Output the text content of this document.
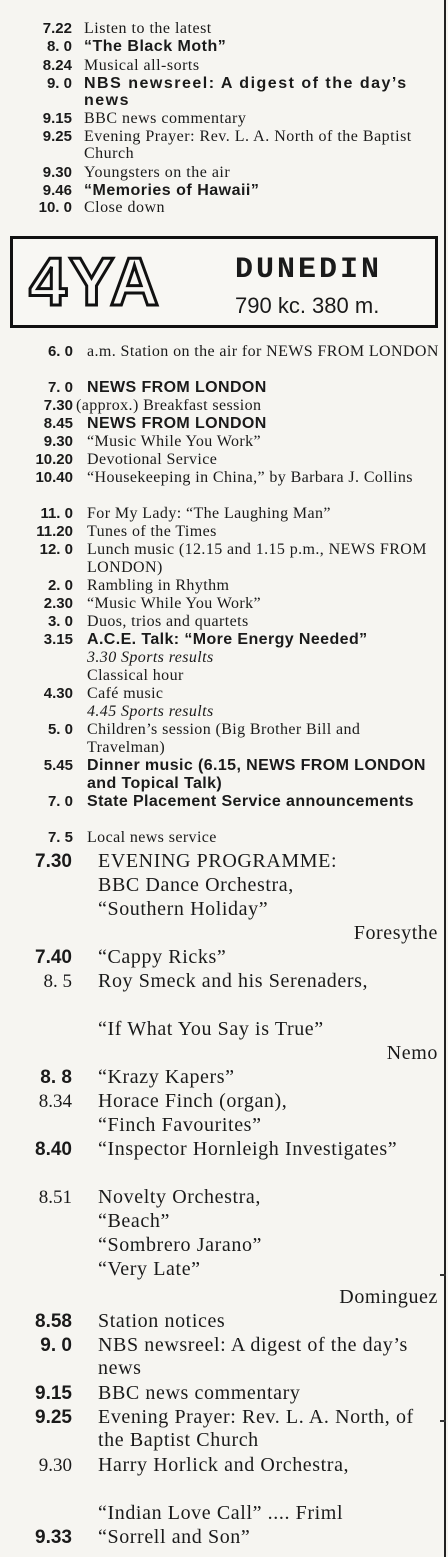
7.22 Listen to the latest
8. 0 “The Black Moth”
8.24 Musical all-sorts
9. 0 NBS newsreel: A digest of the day’s news
9.15 BBC news commentary
9.25 Evening Prayer: Rev. L. A. North of the Baptist Church
9.30 Youngsters on the air
9.46 “Memories of Hawaii”
10. 0 Close down
4YA DUNEDIN
790 kc. 380 m.
6. 0 a.m. Station on the air for NEWS FROM LONDON
7. 0 NEWS FROM LONDON
7.30 (approx.) Breakfast session
8.45 NEWS FROM LONDON
9.30 “Music While You Work”
10.20 Devotional Service
10.40 “Housekeeping in China,” by Barbara J. Collins
11. 0 For My Lady: “The Laughing Man”
11.20 Tunes of the Times
12. 0 Lunch music (12.15 and 1.15 p.m., NEWS FROM LONDON)
2. 0 Rambling in Rhythm
2.30 “Music While You Work”
3. 0 Duos, trios and quartets
3.15 A.C.E. Talk: “More Energy Needed”
3.30 Sports results
Classical hour
4.30 Café music
4.45 Sports results
5. 0 Children’s session (Big Brother Bill and Travelman)
5.45 Dinner music (6.15, NEWS FROM LONDON and Topical Talk)
7. 0 State Placement Service announcements
7. 5 Local news service
7.30 EVENING PROGRAMME:
BBC Dance Orchestra,
“Southern Holiday”
Foresythe
7.40 “Cappy Ricks”
8. 5 Roy Smeck and his Serenaders,
“If What You Say is True”
Nemo
8. 8 “Krazy Kapers”
8.34 Horace Finch (organ),
“Finch Favourites”
8.40 “Inspector Hornleigh Investigates”
8.51 Novelty Orchestra,
“Beach”
“Sombrero Jarano”
“Very Late”
Dominguez
8.58 Station notices
9. 0 NBS newsreel: A digest of the day’s news
9.15 BBC news commentary
9.25 Evening Prayer: Rev. L. A. North, of the Baptist Church
9.30 Harry Horlick and Orchestra,
“Indian Love Call” .... Friml
9.33 “Sorrell and Son”
